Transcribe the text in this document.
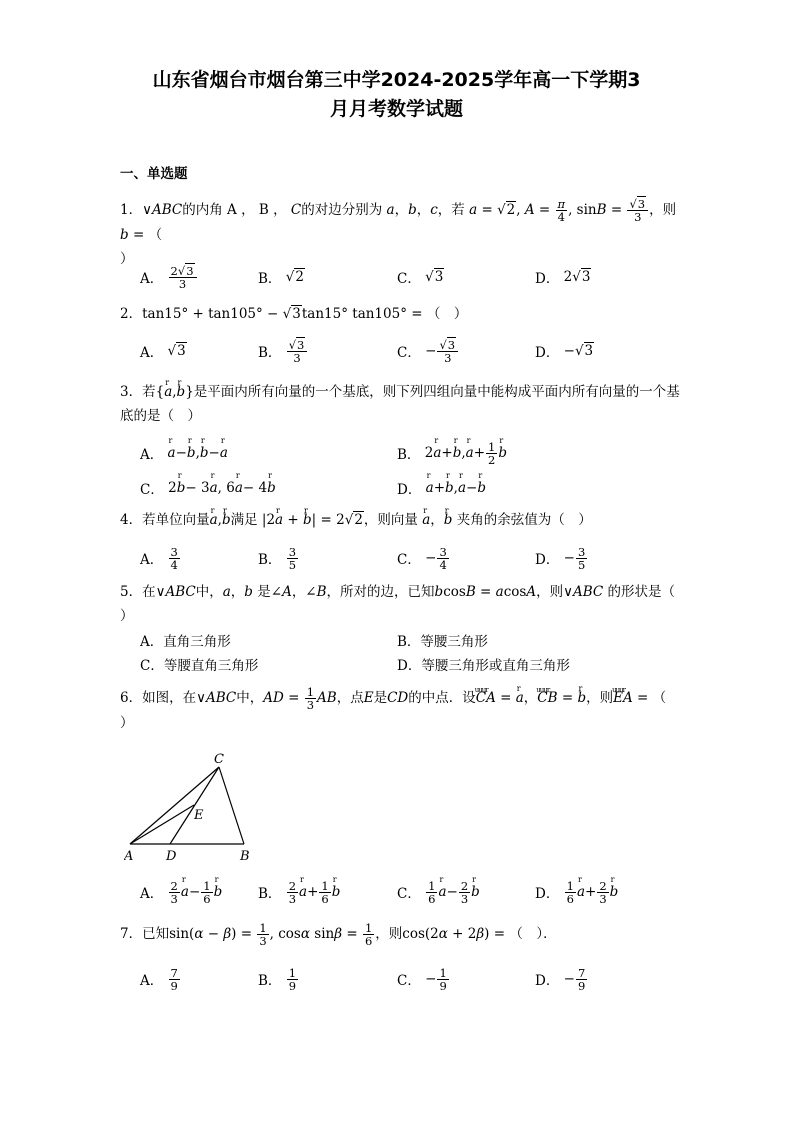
山东省烟台市烟台第三中学2024-2025学年高一下学期3
月月考数学试题
一、单选题
1．∨ABC的内角 A ， B ， C的对边分别为 a，b，c，若 a = √2, $A = \frac{\pi}{4}$ , $\sin B = \frac{√3}{3}$ ，则 b = （
）
A．
$\frac{2√3}{3}$	B．
√2	C．
√3	D． 2 √3
2．tan15° + tan105° − √3tan15° tan105° = （　）
A．
√3	B．
$\frac{√3}{3}$	C． − $\frac{√3}{3}$	D． − √3
3．若{r a,r b}是平面内所有向量的一个基底，则下列四组向量中能构成平面内所有向量的一个基底的是（　）
A．
r a − r b , r b − r a	B． 2 r a + r b , r $a + \frac{1}{2}$ r b
C． 2 r b − 3 r a , 6 r a − 4 r b	D．
r a + r b , r a − r b
4．若单位向量r a,r b满足 |2r a + r b| = 2√2，则向量 r a，r b 夹角的余弦值为（　）
A．
$\frac{3}{4}$	B．
$\frac{3}{5}$	C． − $\frac{3}{4}$	D． − $\frac{3}{5}$
5．在∨ABC中，a，b 是∠A，∠B，所对的边，已知bcosB = acosA，则∨ABC 的形状是（
）
A．直角三角形	B．等腰三角形
C．等腰直角三角形	D．等腰三角形或直角三角形
6．如图，在∨ABC中，AD = $\frac{1}{3}$ AB，点E是CD的中点．设uuur CA = r a，uuur CB = r b，则uuur EA = （
）
C
E
A	D	B
A．
$\frac{2}{3}$ r $a - \frac{1}{6}$ r b	B．
$\frac{2}{3}$ r $a + \frac{1}{6}$ r b	C．
$\frac{1}{6}$ r $a - \frac{2}{3}$ r b	D．
$\frac{1}{6}$ r $a + \frac{2}{3}$ r b
7．已知$\sin(\alpha - \beta) = \frac{1}{3}$ , cosα $\sin\beta = \frac{1}{6}$ ，则cos(2α + 2β) = （　）．
A．
$\frac{7}{9}$	B．
$\frac{1}{9}$	C． − $\frac{1}{9}$	D． − $\frac{7}{9}$
